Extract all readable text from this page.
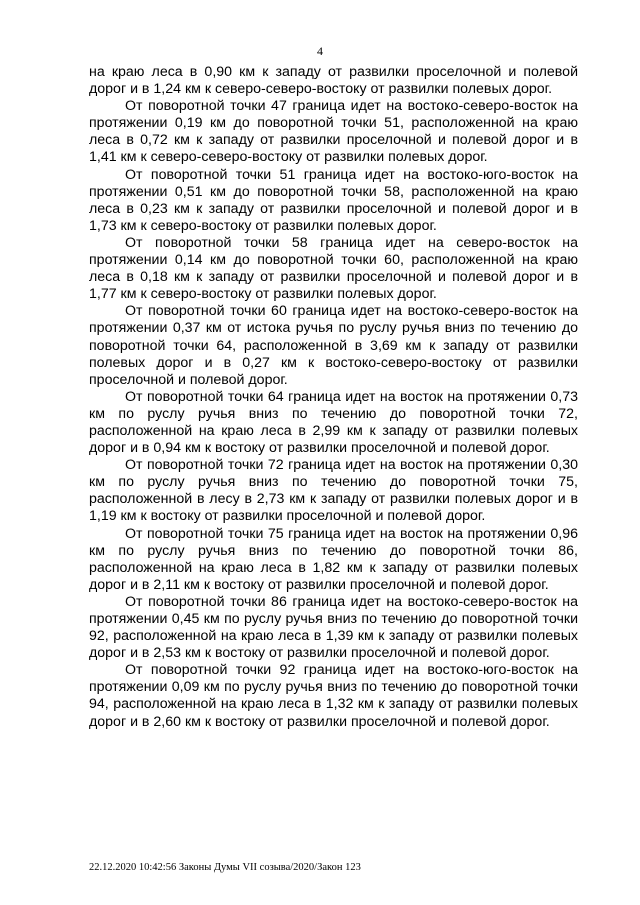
4

на краю леса в 0,90 км к западу от развилки проселочной и полевой дорог и в 1,24 км к северо-северо-востоку от развилки полевых дорог.

От поворотной точки 47 граница идет на востоко-северо-восток на протяжении 0,19 км до поворотной точки 51, расположенной на краю леса в 0,72 км к западу от развилки проселочной и полевой дорог и в 1,41 км к северо-северо-востоку от развилки полевых дорог.

От поворотной точки 51 граница идет на востоко-юго-восток на протяжении 0,51 км до поворотной точки 58, расположенной на краю леса в 0,23 км к западу от развилки проселочной и полевой дорог и в 1,73 км к северо-востоку от развилки полевых дорог.

От поворотной точки 58 граница идет на северо-восток на протяжении 0,14 км до поворотной точки 60, расположенной на краю леса в 0,18 км к западу от развилки проселочной и полевой дорог и в 1,77 км к северо-востоку от развилки полевых дорог.

От поворотной точки 60 граница идет на востоко-северо-восток на протяжении 0,37 км от истока ручья по руслу ручья вниз по течению до поворотной точки 64, расположенной в 3,69 км к западу от развилки полевых дорог и в 0,27 км к востоко-северо-востоку от развилки проселочной и полевой дорог.

От поворотной точки 64 граница идет на восток на протяжении 0,73 км по руслу ручья вниз по течению до поворотной точки 72, расположенной на краю леса в 2,99 км к западу от развилки полевых дорог и в 0,94 км к востоку от развилки проселочной и полевой дорог.

От поворотной точки 72 граница идет на восток на протяжении 0,30 км по руслу ручья вниз по течению до поворотной точки 75, расположенной в лесу в 2,73 км к западу от развилки полевых дорог и в 1,19 км к востоку от развилки проселочной и полевой дорог.

От поворотной точки 75 граница идет на восток на протяжении 0,96 км по руслу ручья вниз по течению до поворотной точки 86, расположенной на краю леса в 1,82 км к западу от развилки полевых дорог и в 2,11 км к востоку от развилки проселочной и полевой дорог.

От поворотной точки 86 граница идет на востоко-северо-восток на протяжении 0,45 км по руслу ручья вниз по течению до поворотной точки 92, расположенной на краю леса в 1,39 км к западу от развилки полевых дорог и в 2,53 км к востоку от развилки проселочной и полевой дорог.

От поворотной точки 92 граница идет на востоко-юго-восток на протяжении 0,09 км по руслу ручья вниз по течению до поворотной точки 94, расположенной на краю леса в 1,32 км к западу от развилки полевых дорог и в 2,60 км к востоку от развилки проселочной и полевой дорог.

22.12.2020 10:42:56 Законы Думы VII созыва/2020/Закон 123
